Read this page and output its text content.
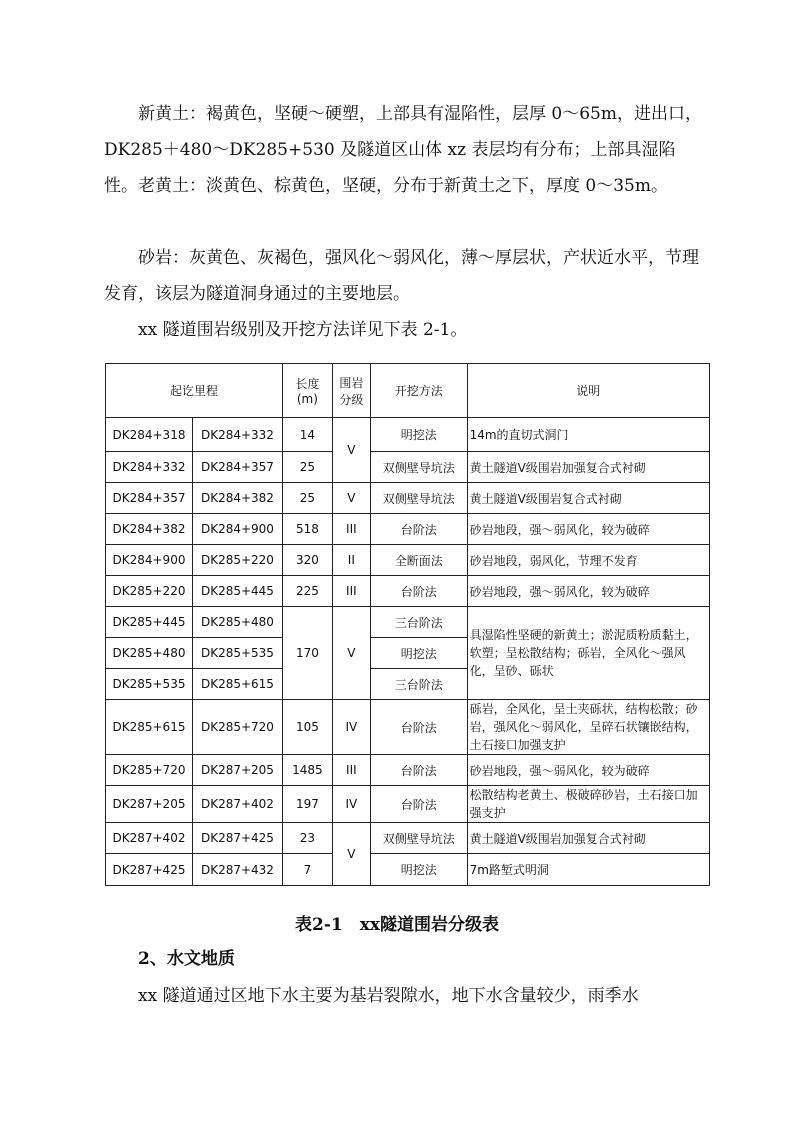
新黄土：褐黄色，坚硬～硬塑，上部具有湿陷性，层厚 0～65m，进出口，DK285＋480～DK285+530 及隧道区山体 xz 表层均有分布；上部具湿陷性。老黄土：淡黄色、棕黄色，坚硬，分布于新黄土之下，厚度 0～35m。
砂岩：灰黄色、灰褐色，强风化～弱风化，薄～厚层状，产状近水平，节理发育，该层为隧道洞身通过的主要地层。
xx 隧道围岩级别及开挖方法详见下表 2-1。
起讫里程		长度(m)	围岩分级	开挖方法	说明
DK284+318	DK284+332	14	V	明挖法	14m的直切式洞门
DK284+332	DK284+357	25		双侧壁导坑法	黄土隧道Ⅴ级围岩加强复合式衬砌
DK284+357	DK284+382	25	V	双侧壁导坑法	黄土隧道Ⅴ级围岩复合式衬砌
DK284+382	DK284+900	518	III	台阶法	砂岩地段，强～弱风化，较为破碎
DK284+900	DK285+220	320	II	全断面法	砂岩地段，弱风化，节理不发育
DK285+220	DK285+445	225	III	台阶法	砂岩地段，强～弱风化，较为破碎
DK285+445	DK285+480	170	V	三台阶法	具湿陷性坚硬的新黄土；淤泥质粉质黏土，软塑；呈松散结构；砾岩，全风化～强风化，呈砂、砾状
DK285+480	DK285+535			明挖法	
DK285+535	DK285+615			三台阶法	
DK285+615	DK285+720	105	IV	台阶法	砾岩，全风化，呈土夹砾状，结构松散；砂岩，强风化～弱风化，呈碎石状镶嵌结构，土石接口加强支护
DK285+720	DK287+205	1485	III	台阶法	砂岩地段，强～弱风化，较为破碎
DK287+205	DK287+402	197	IV	台阶法	松散结构老黄土、极破碎砂岩，土石接口加强支护
DK287+402	DK287+425	23	V	双侧壁导坑法	黄土隧道Ⅴ级围岩加强复合式衬砌
DK287+425	DK287+432	7		明挖法	7m路堑式明洞
表2-1　xx隧道围岩分级表
2、水文地质
xx 隧道通过区地下水主要为基岩裂隙水，地下水含量较少，雨季水
